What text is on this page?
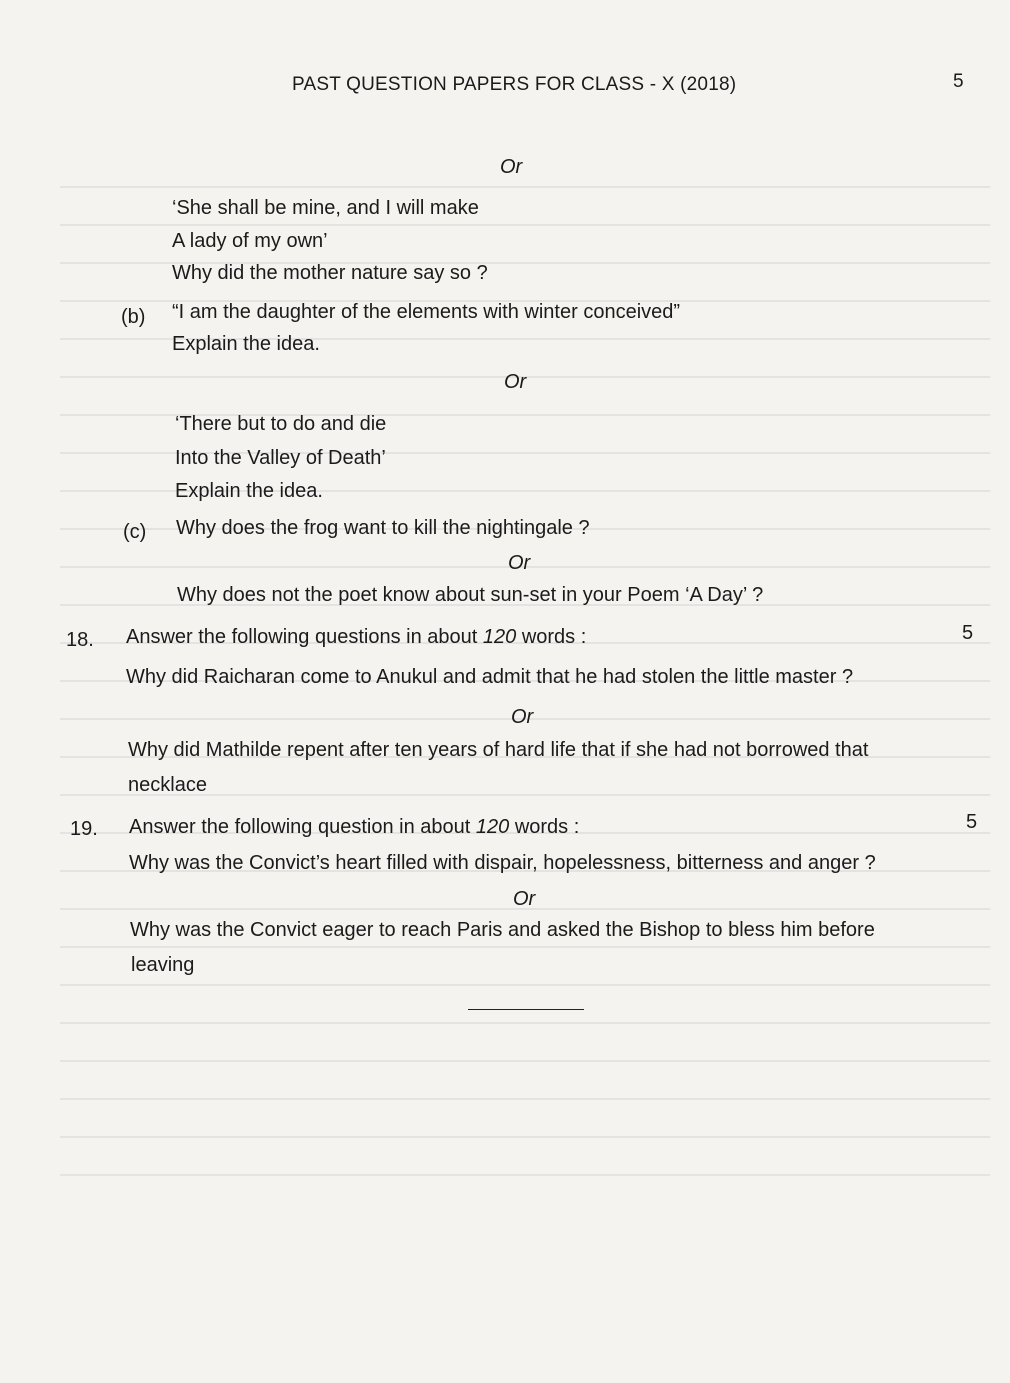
PAST QUESTION PAPERS FOR CLASS - X (2018)	5
Or
‘She shall be mine, and I will make
A lady of my own’
Why did the mother nature say so ?
(b) “I am the daughter of the elements with winter conceived”
Explain the idea.
Or
‘There but to do and die
Into the Valley of Death’
Explain the idea.
(c) Why does the frog want to kill the nightingale ?
Or
Why does not the poet know about sun-set in your Poem ‘A Day’ ?
18. Answer the following questions in about 120 words :	5
Why did Raicharan come to Anukul and admit that he had stolen the little master ?
Or
Why did Mathilde repent after ten years of hard life that if she had not borrowed that
necklace
19. Answer the following question in about 120 words :	5
Why was the Convict’s heart filled with dispair, hopelessness, bitterness and anger ?
Or
Why was the Convict eager to reach Paris and asked the Bishop to bless him before
leaving
